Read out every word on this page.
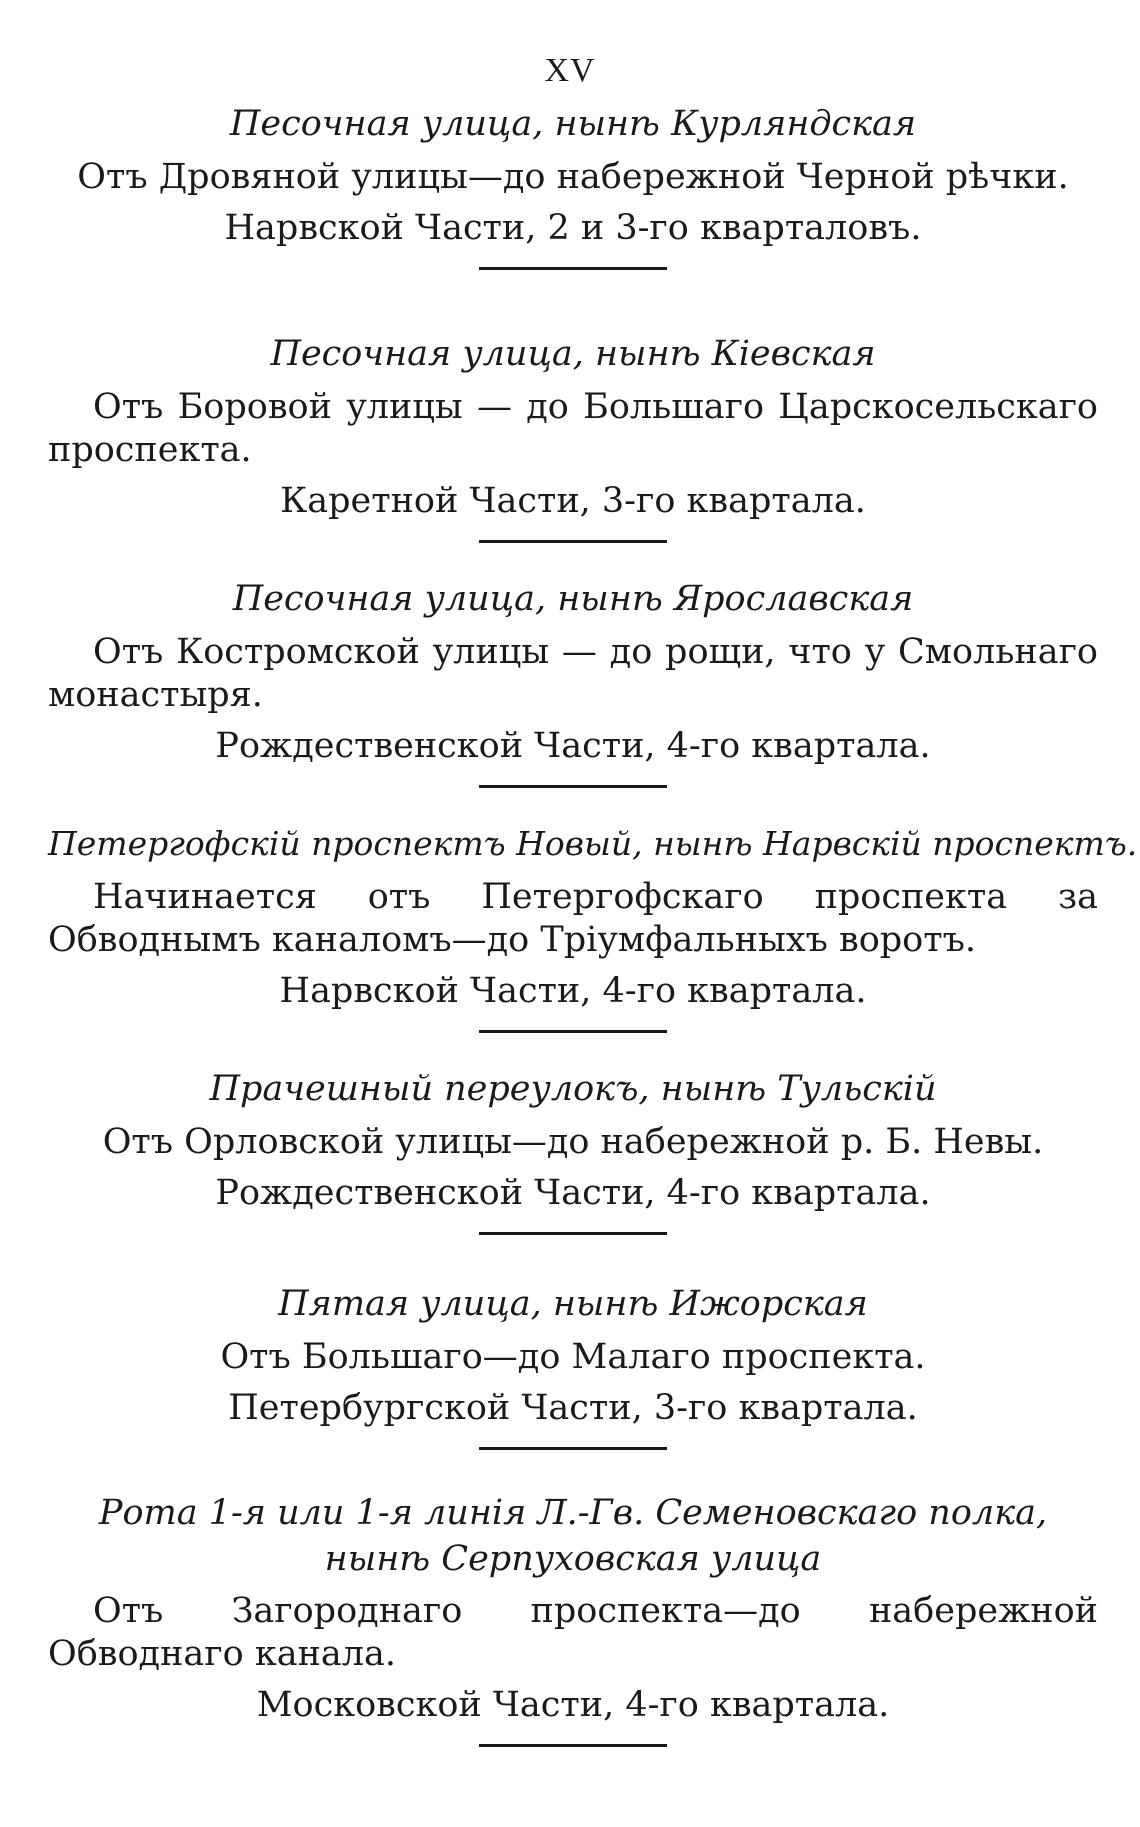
XV

Песочная улица, нынѣ Курляндская

Отъ Дровяной улицы—до набережной Черной рѣчки.

Нарвской Части, 2 и 3-го кварталовъ.

Песочная улица, нынѣ Кіевская

Отъ Боровой улицы — до Большаго Царскосельскаго проспекта.

Каретной Части, 3-го квартала.

Песочная улица, нынѣ Ярославская

Отъ Костромской улицы — до рощи, что у Смольнаго монастыря.

Рождественской Части, 4-го квартала.

Петергофскій проспектъ Новый, нынѣ Нарвскій проспектъ.

Начинается отъ Петергофскаго проспекта за Обводнымъ каналомъ—до Тріумфальныхъ воротъ.

Нарвской Части, 4-го квартала.

Прачешный переулокъ, нынѣ Тульскій

Отъ Орловской улицы—до набережной р. Б. Невы.

Рождественской Части, 4-го квартала.

Пятая улица, нынѣ Ижорская

Отъ Большаго—до Малаго проспекта.

Петербургской Части, 3-го квартала.

Рота 1-я или 1-я линія Л.-Гв. Семеновскаго полка, нынѣ Серпуховская улица

Отъ Загороднаго проспекта—до набережной Обводнаго канала.

Московской Части, 4-го квартала.
